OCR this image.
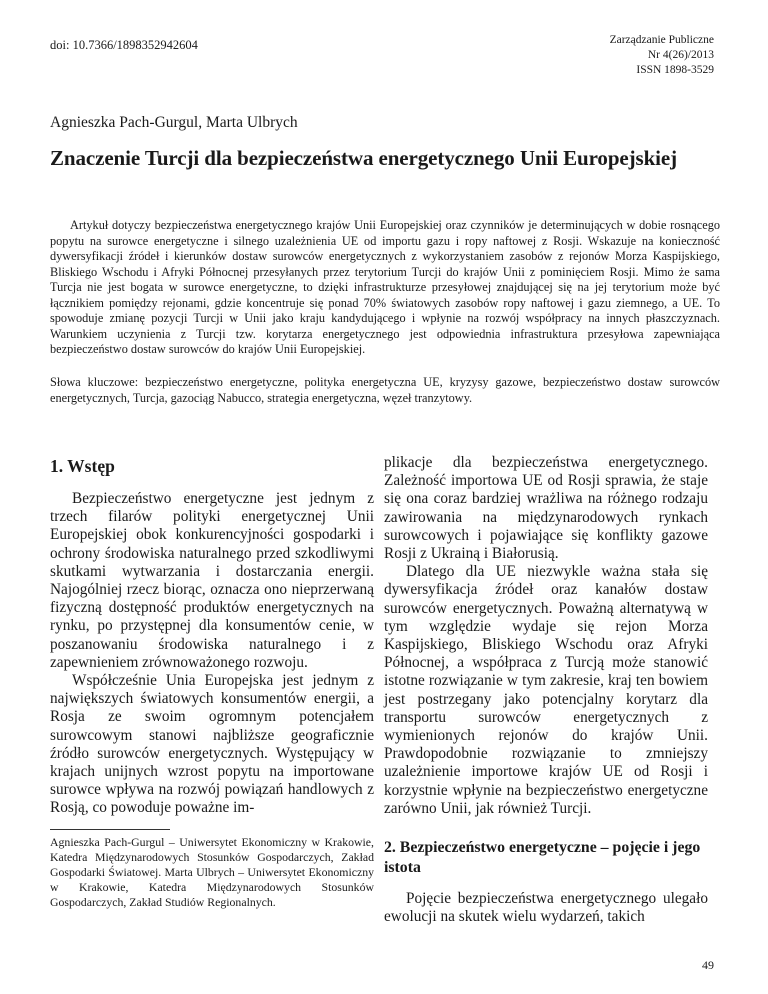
doi: 10.7366/1898352942604	Zarządzanie Publiczne
Nr 4(26)/2013
ISSN 1898-3529
Agnieszka Pach-Gurgul, Marta Ulbrych
Znaczenie Turcji dla bezpieczeństwa energetycznego Unii Europejskiej

Artykuł dotyczy bezpieczeństwa energetycznego krajów Unii Europejskiej oraz czynników je determinujących w dobie rosnącego popytu na surowce energetyczne i silnego uzależnienia UE od importu gazu i ropy naftowej z Rosji. Wskazuje na konieczność dywersyfikacji źródeł i kierunków dostaw surowców energetycznych z wykorzystaniem zasobów z rejonów Morza Kaspijskiego, Bliskiego Wschodu i Afryki Północnej przesyłanych przez terytorium Turcji do krajów Unii z pominięciem Rosji. Mimo że sama Turcja nie jest bogata w surowce energetyczne, to dzięki infrastrukturze przesyłowej znajdującej się na jej terytorium może być łącznikiem pomiędzy rejonami, gdzie koncentruje się ponad 70% światowych zasobów ropy naftowej i gazu ziemnego, a UE. To spowoduje zmianę pozycji Turcji w Unii jako kraju kandydującego i wpłynie na rozwój współpracy na innych płaszczyznach. Warunkiem uczynienia z Turcji tzw. korytarza energetycznego jest odpowiednia infrastruktura przesyłowa zapewniająca bezpieczeństwo dostaw surowców do krajów Unii Europejskiej.

Słowa kluczowe: bezpieczeństwo energetyczne, polityka energetyczna UE, kryzysy gazowe, bezpieczeństwo dostaw surowców energetycznych, Turcja, gazociąg Nabucco, strategia energetyczna, węzeł tranzytowy.

1. Wstęp

Bezpieczeństwo energetyczne jest jednym z trzech filarów polityki energetycznej Unii Europejskiej obok konkurencyjności gospodarki i ochrony środowiska naturalnego przed szkodliwymi skutkami wytwarzania i dostarczania energii. Najogólniej rzecz biorąc, oznacza ono nieprzerwaną fizyczną dostępność produktów energetycznych na rynku, po przystępnej dla konsumentów cenie, w poszanowaniu środowiska naturalnego i z zapewnieniem zrównoważonego rozwoju.

Współcześnie Unia Europejska jest jednym z największych światowych konsumentów energii, a Rosja ze swoim ogromnym potencjałem surowcowym stanowi najbliższe geograficznie źródło surowców energetycznych. Występujący w krajach unijnych wzrost popytu na importowane surowce wpływa na rozwój powiązań handlowych z Rosją, co powoduje poważne im-

Agnieszka Pach-Gurgul – Uniwersytet Ekonomiczny w Krakowie, Katedra Międzynarodowych Stosunków Gospodarczych, Zakład Gospodarki Światowej. Marta Ulbrych – Uniwersytet Ekonomiczny w Krakowie, Katedra Międzynarodowych Stosunków Gospodarczych, Zakład Studiów Regionalnych.

plikacje dla bezpieczeństwa energetycznego. Zależność importowa UE od Rosji sprawia, że staje się ona coraz bardziej wrażliwa na różnego rodzaju zawirowania na międzynarodowych rynkach surowcowych i pojawiające się konflikty gazowe Rosji z Ukrainą i Białorusią.

Dlatego dla UE niezwykle ważna stała się dywersyfikacja źródeł oraz kanałów dostaw surowców energetycznych. Poważną alternatywą w tym względzie wydaje się rejon Morza Kaspijskiego, Bliskiego Wschodu oraz Afryki Północnej, a współpraca z Turcją może stanowić istotne rozwiązanie w tym zakresie, kraj ten bowiem jest postrzegany jako potencjalny korytarz dla transportu surowców energetycznych z wymienionych rejonów do krajów Unii. Prawdopodobnie rozwiązanie to zmniejszy uzależnienie importowe krajów UE od Rosji i korzystnie wpłynie na bezpieczeństwo energetyczne zarówno Unii, jak również Turcji.

2. Bezpieczeństwo energetyczne – pojęcie i jego istota

Pojęcie bezpieczeństwa energetycznego ulegało ewolucji na skutek wielu wydarzeń, takich

49
